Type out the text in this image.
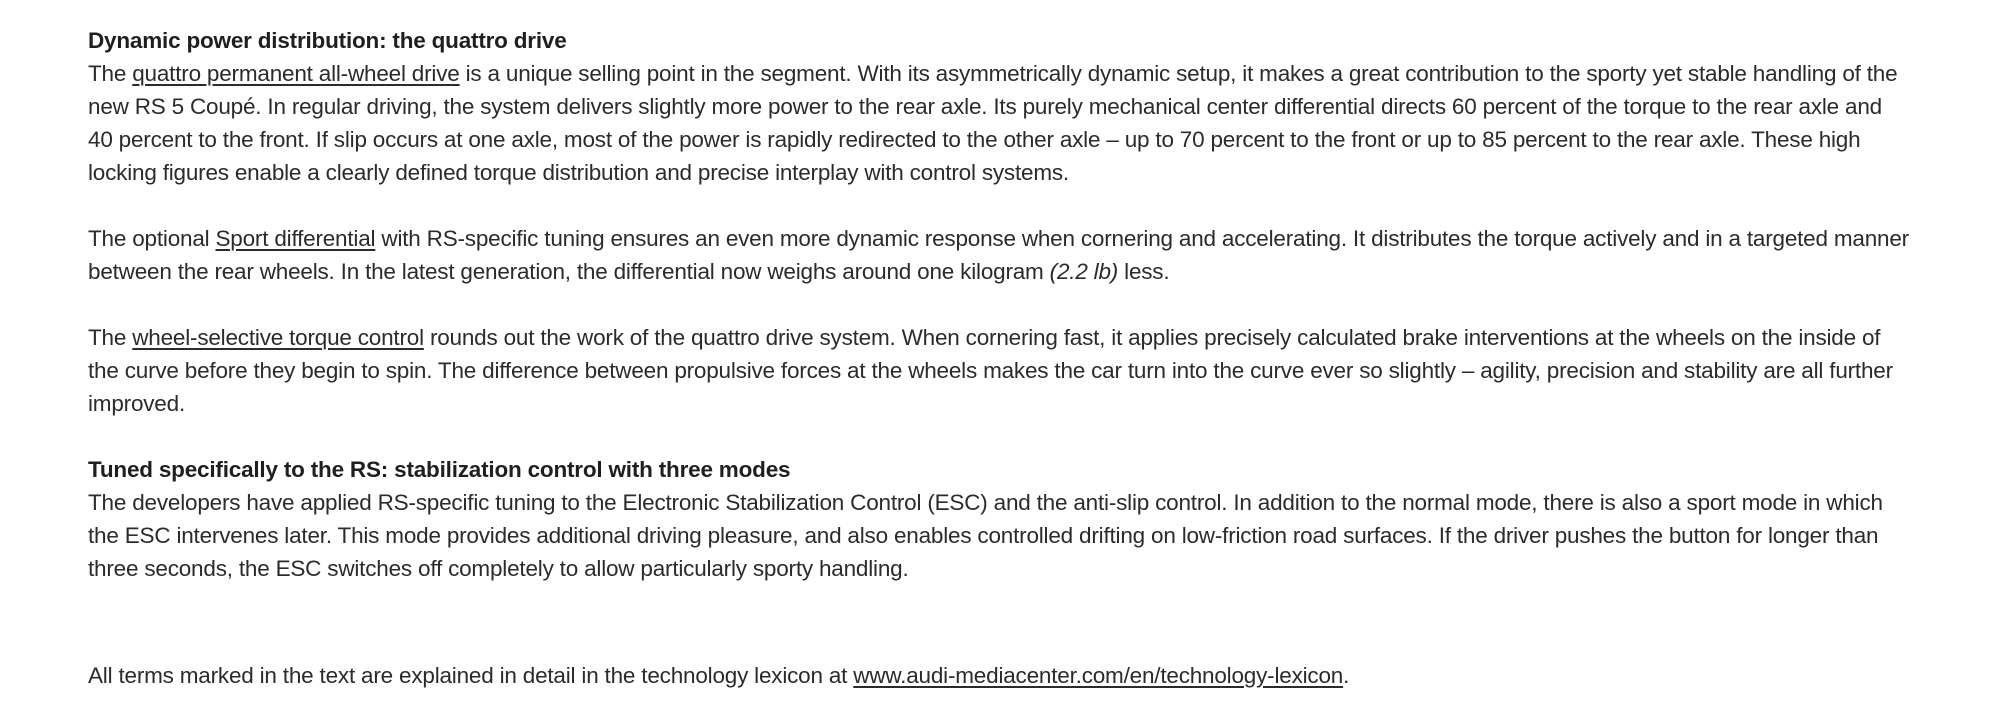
Dynamic power distribution: the quattro drive

The quattro permanent all-wheel drive is a unique selling point in the segment. With its asymmetrically dynamic setup, it makes a great contribution to the sporty yet stable handling of the new RS 5 Coupé. In regular driving, the system delivers slightly more power to the rear axle. Its purely mechanical center differential directs 60 percent of the torque to the rear axle and 40 percent to the front. If slip occurs at one axle, most of the power is rapidly redirected to the other axle – up to 70 percent to the front or up to 85 percent to the rear axle. These high locking figures enable a clearly defined torque distribution and precise interplay with control systems.

The optional Sport differential with RS-specific tuning ensures an even more dynamic response when cornering and accelerating. It distributes the torque actively and in a targeted manner between the rear wheels. In the latest generation, the differential now weighs around one kilogram (2.2 lb) less.

The wheel-selective torque control rounds out the work of the quattro drive system. When cornering fast, it applies precisely calculated brake interventions at the wheels on the inside of the curve before they begin to spin. The difference between propulsive forces at the wheels makes the car turn into the curve ever so slightly – agility, precision and stability are all further improved.

Tuned specifically to the RS: stabilization control with three modes

The developers have applied RS-specific tuning to the Electronic Stabilization Control (ESC) and the anti-slip control. In addition to the normal mode, there is also a sport mode in which the ESC intervenes later. This mode provides additional driving pleasure, and also enables controlled drifting on low-friction road surfaces. If the driver pushes the button for longer than three seconds, the ESC switches off completely to allow particularly sporty handling.

All terms marked in the text are explained in detail in the technology lexicon at www.audi-mediacenter.com/en/technology-lexicon.
